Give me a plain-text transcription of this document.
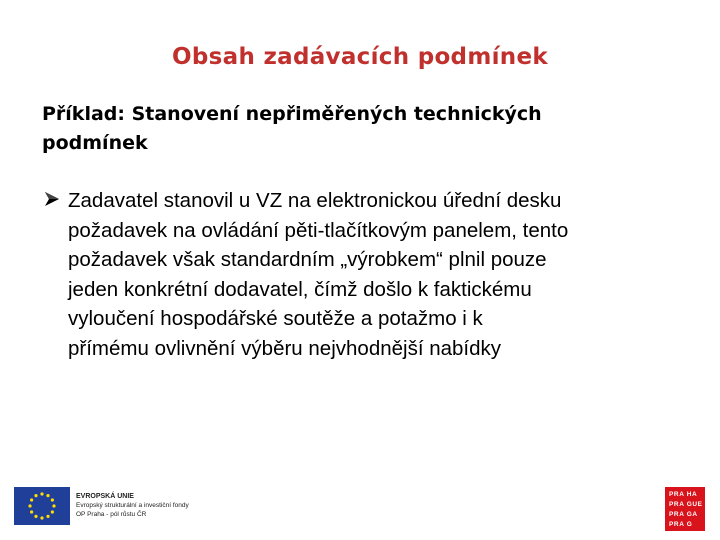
Obsah zadávacích podmínek
Příklad: Stanovení nepřiměřených technických
podmínek
Zadavatel stanovil u VZ na elektronickou úřední desku
požadavek na ovládání pěti-tlačítkovým panelem, tento
požadavek však standardním „výrobkem“ plnil pouze
jeden konkrétní dodavatel, čímž došlo k faktickému
vyloučení hospodářské soutěže a potažmo i k
přímému ovlivnění výběru nejvhodnější nabídky
EVROPSKÁ UNIE
Evropský strukturální a investiční fondy
OP Praha - pól růstu ČR
PRA HA
PRA GUE
PRA GA
PRA G
